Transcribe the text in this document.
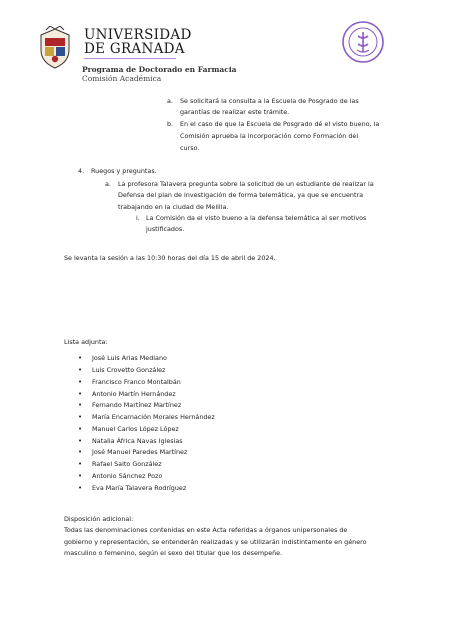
UNIVERSIDAD
DE GRANADA
Programa de Doctorado en Farmacia
Comisión Académica
a. Se solicitará la consulta a la Escuela de Posgrado de las
garantías de realizar este trámite.
b. En el caso de que la Escuela de Posgrado dé el visto bueno, la
Comisión aprueba la incorporación como Formación del
curso.
4. Ruegos y preguntas.
a. La profesora Talavera pregunta sobre la solicitud de un estudiante de realizar la
Defensa del plan de investigación de forma telemática, ya que se encuentra
trabajando en la ciudad de Melilla.
i. La Comisión da el visto bueno a la defensa telemática al ser motivos
justificados.
Se levanta la sesión a las 10:30 horas del día 15 de abril de 2024.
Lista adjunta:
• José Luis Arias Mediano
• Luis Crovetto González
• Francisco Franco Montalbán
• Antonio Martín Hernández
• Fernando Martínez Martínez
• María Encarnación Morales Hernández
• Manuel Carlos López López
• Natalia África Navas Iglesias
• José Manuel Paredes Martínez
• Rafael Salto González
• Antonio Sánchez Pozo
• Eva María Talavera Rodríguez
Disposición adicional:
Todas las denominaciones contenidas en este Acta referidas a órganos unipersonales de
gobierno y representación, se entenderán realizadas y se utilizarán indistintamente en género
masculino o femenino, según el sexo del titular que los desempeñe.
